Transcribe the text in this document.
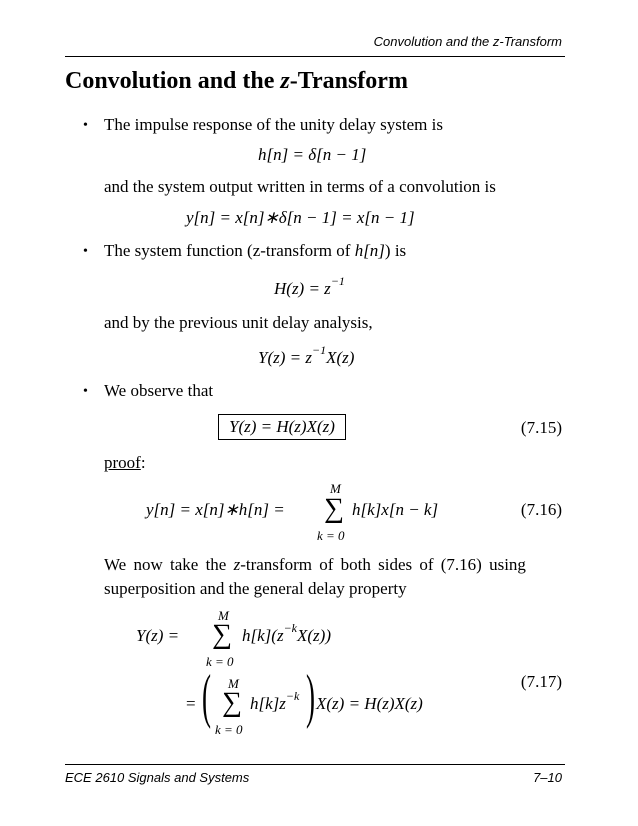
Convolution and the z-Transform
Convolution and the z-Transform
• The impulse response of the unity delay system is
h[n] = δ[n − 1]
and the system output written in terms of a convolution is
y[n] = x[n]∗δ[n − 1] = x[n − 1]
• The system function (z-transform of h[n]) is
$H(z) = z^{-1}$
and by the previous unit delay analysis,
$Y(z) = z^{-1}X(z)$
• We observe that
Y(z) = H(z)X(z)	(7.15)
proof:
y[n] = x[n]∗h[n] =
M
∑
k = 0
h[k]x[n − k]	(7.16)
We now take the z-transform of both sides of (7.16) using
superposition and the general delay property
Y(z) =
M
∑
k = 0
$h[k](z^{-k}X(z))$
= ( M
∑
k = 0
$h[k]z^{-k}$ ) X(z) = H(z)X(z)
(7.17)
ECE 2610 Signals and Systems	7–10
